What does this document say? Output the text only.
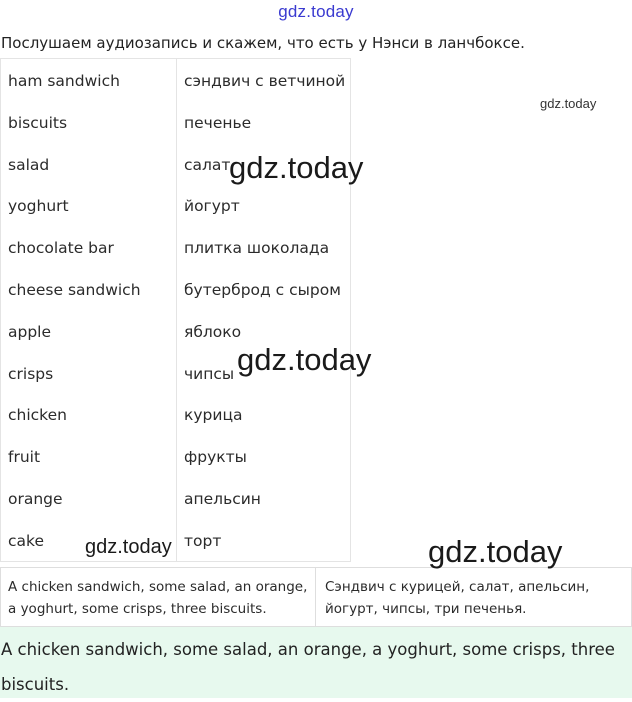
gdz.today
Послушаем аудиозапись и скажем, что есть у Нэнси в ланчбоксе.
ham sandwich	сэндвич с ветчиной
biscuits	печенье
salad	салат
yoghurt	йогурт
chocolate bar	плитка шоколада
cheese sandwich	бутерброд с сыром
apple	яблоко
crisps	чипсы
chicken	курица
fruit	фрукты
orange	апельсин
cake	торт
A chicken sandwich, some salad, an orange, a yoghurt, some crisps, three biscuits.
Сэндвич с курицей, салат, апельсин, йогурт, чипсы, три печенья.
A chicken sandwich, some salad, an orange, a yoghurt, some crisps, three biscuits.
gdz.today
gdz.today
gdz.today
gdz.today	gdz.today
